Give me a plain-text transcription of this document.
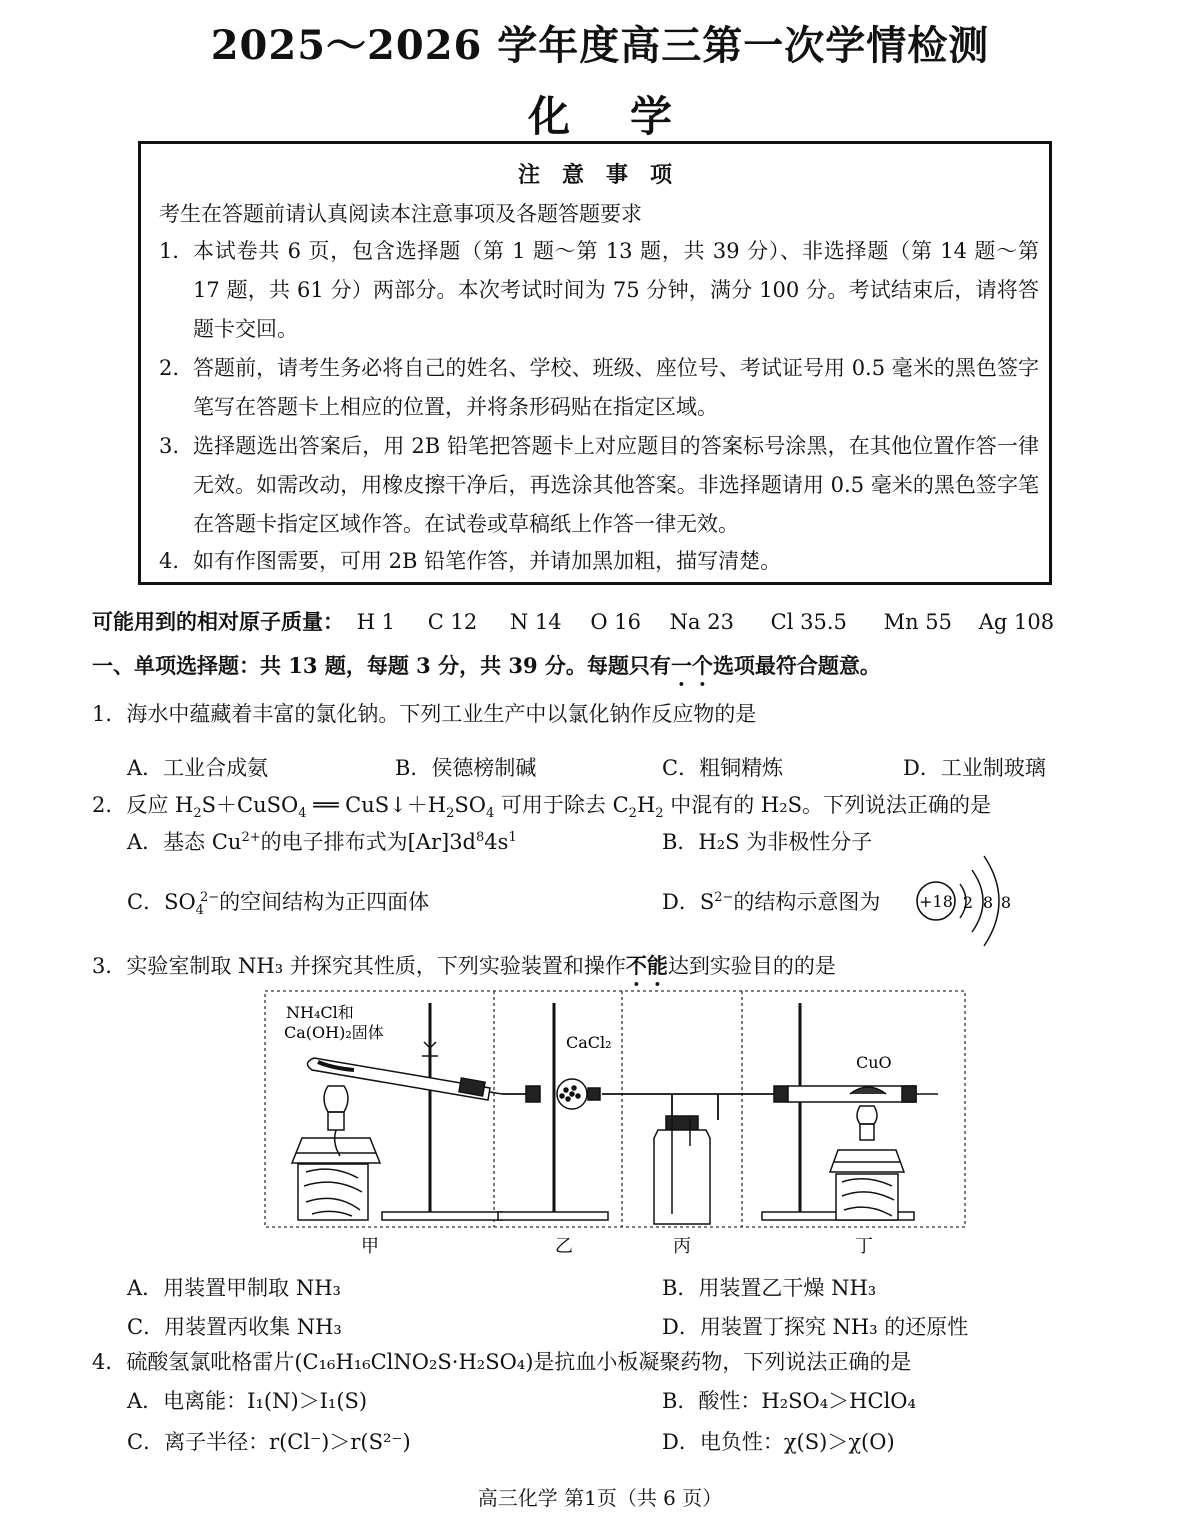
2025～2026 学年度高三第一次学情检测
化学
注意事项
考生在答题前请认真阅读本注意事项及各题答题要求
1． 本试卷共 6 页，包含选择题（第 1 题～第 13 题，共 39 分）、非选择题（第 14 题～第 17 题，共 61 分）两部分。本次考试时间为 75 分钟，满分 100 分。考试结束后，请将答题卡交回。
2. 答题前，请考生务必将自己的姓名、学校、班级、座位号、考试证号用 0.5 毫米的黑色签字笔写在答题卡上相应的位置，并将条形码贴在指定区域。
3. 选择题选出答案后，用 2B 铅笔把答题卡上对应题目的答案标号涂黑，在其他位置作答一律无效。如需改动，用橡皮擦干净后，再选涂其他答案。非选择题请用 0.5 毫米的黑色签字笔在答题卡指定区域作答。在试卷或草稿纸上作答一律无效。
4. 如有作图需要，可用 2B 铅笔作答，并请加黑加粗，描写清楚。
可能用到的相对原子质量： H 1 C 12 N 14 O 16 Na 23 Cl 35.5 Mn 55 Ag 108
一、单项选择题：共 13 题，每题 3 分，共 39 分。每题只有一个选项最符合题意。
1．海水中蕴藏着丰富的氯化钠。下列工业生产中以氯化钠作反应物的是
A．工业合成氨	B．侯德榜制碱	C．粗铜精炼	D．工业制玻璃
2．反应 $H_2S+CuSO_4$ ══ $CuS↓+H_2SO_4$ 可用于除去 $C_2H_2$ 中混有的 H₂S。下列说法正确的是
A．基态 $Cu^{2+}$的电子排布式为$[Ar]3d^84s^1$	B．H₂S 为非极性分子
C．$SO_4^{2-}$的空间结构为正四面体	D．$S^{2-}$的结构示意图为 +18 2 8 8
3．实验室制取 NH₃ 并探究其性质，下列实验装置和操作不能达到实验目的的是
NH₄Cl和
Ca(OH)₂固体
CaCl₂
CuO
甲	乙	丙	丁
A．用装置甲制取 NH₃	B．用装置乙干燥 NH₃
C．用装置丙收集 NH₃	D．用装置丁探究 NH₃ 的还原性
4．硫酸氢氯吡格雷片(C₁₆H₁₆ClNO₂S·H₂SO₄)是抗血小板凝聚药物，下列说法正确的是
A．电离能：I₁(N)＞I₁(S)	B．酸性：H₂SO₄＞HClO₄
C．离子半径：r(Cl⁻)＞r(S²⁻)	D．电负性：χ(S)＞χ(O)
高三化学 第1页（共 6 页）
